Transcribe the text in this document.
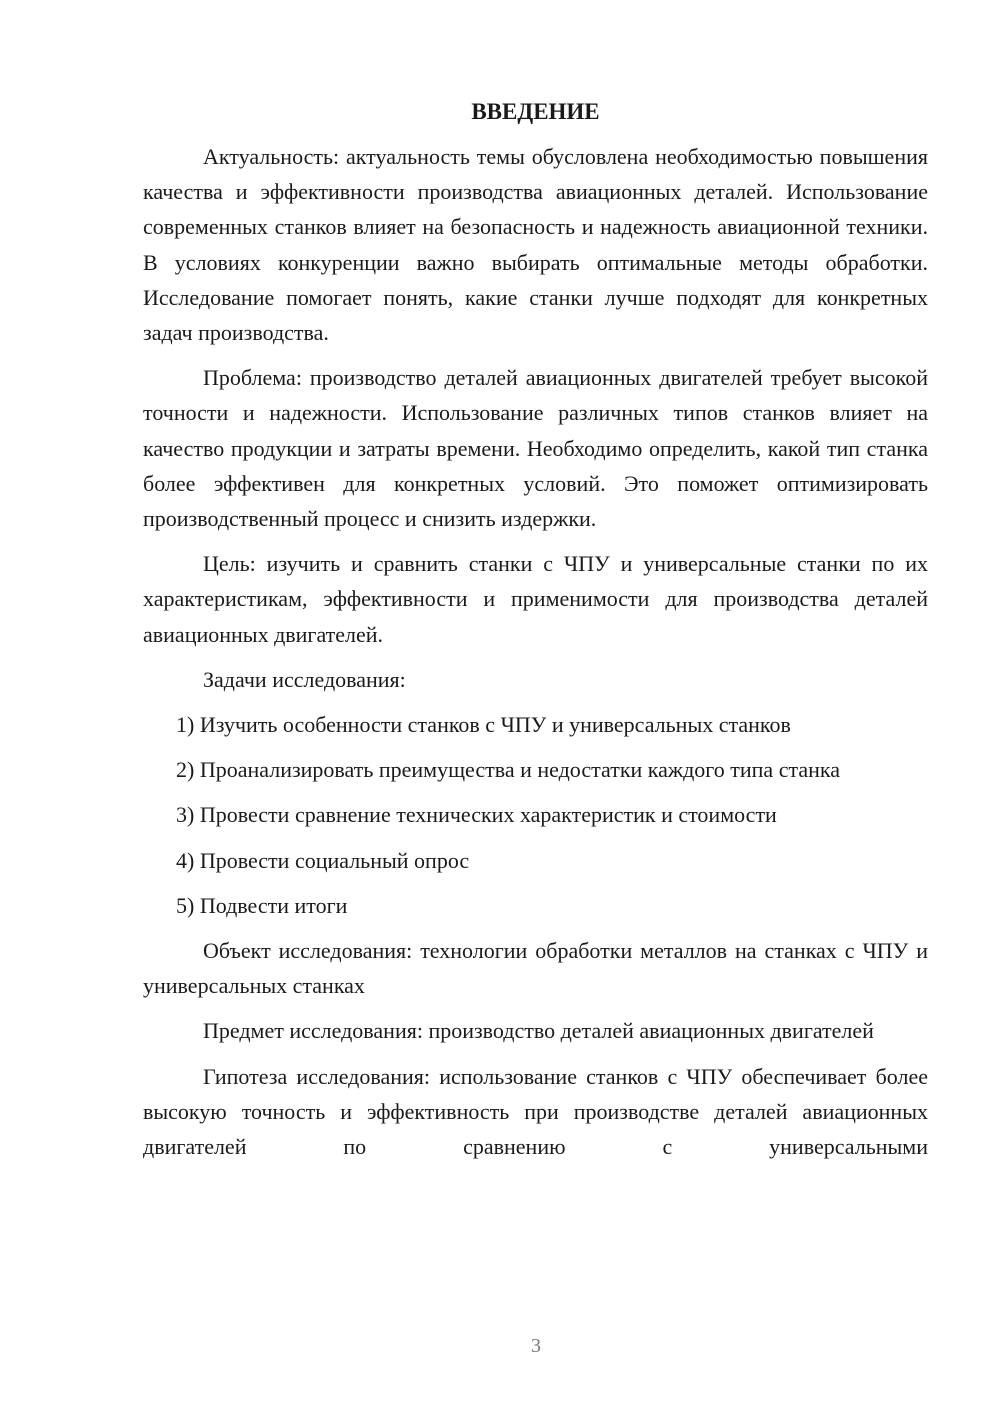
ВВЕДЕНИЕ

Актуальность: актуальность темы обусловлена необходимостью повышения качества и эффективности производства авиационных деталей. Использование современных станков влияет на безопасность и надежность авиационной техники. В условиях конкуренции важно выбирать оптимальные методы обработки. Исследование помогает понять, какие станки лучше подходят для конкретных задач производства.

Проблема: производство деталей авиационных двигателей требует высокой точности и надежности. Использование различных типов станков влияет на качество продукции и затраты времени. Необходимо определить, какой тип станка более эффективен для конкретных условий. Это поможет оптимизировать производственный процесс и снизить издержки.

Цель: изучить и сравнить станки с ЧПУ и универсальные станки по их характеристикам, эффективности и применимости для производства деталей авиационных двигателей.

Задачи исследования:

1) Изучить особенности станков с ЧПУ и универсальных станков

2) Проанализировать преимущества и недостатки каждого типа станка

3) Провести сравнение технических характеристик и стоимости

4) Провести социальный опрос

5) Подвести итоги

Объект исследования: технологии обработки металлов на станках с ЧПУ и универсальных станках

Предмет исследования: производство деталей авиационных двигателей

Гипотеза исследования: использование станков с ЧПУ обеспечивает более высокую точность и эффективность при производстве деталей авиационных двигателей по сравнению с универсальными

3
